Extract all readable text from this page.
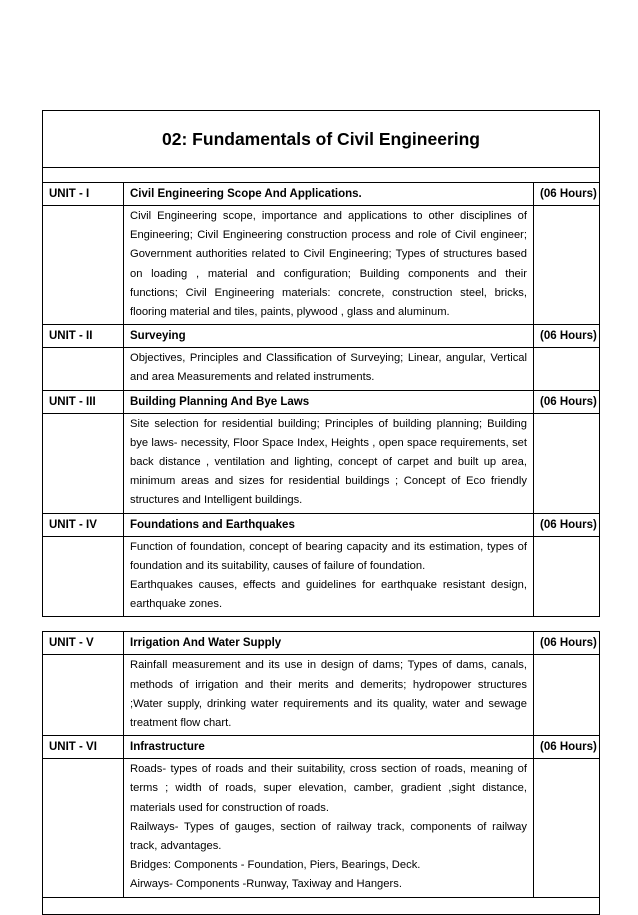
02: Fundamentals of Civil Engineering		

UNIT - I	Civil Engineering Scope And Applications.	(06 Hours)

	Civil Engineering scope, importance and applications to other disciplines of Engineering; Civil Engineering construction process and role of Civil engineer; Government authorities related to Civil Engineering; Types of structures based on loading , material and configuration; Building components and their functions; Civil Engineering materials: concrete, construction steel, bricks, flooring material and tiles, paints, plywood , glass and aluminum.	

UNIT - II	Surveying	(06 Hours)

	Objectives, Principles and Classification of Surveying; Linear, angular, Vertical and area Measurements and related instruments.	

UNIT - III	Building Planning And Bye Laws	(06 Hours)

	Site selection for residential building; Principles of building planning; Building bye laws- necessity, Floor Space Index, Heights , open space requirements, set back distance , ventilation and lighting, concept of carpet and built up area, minimum areas and sizes for residential buildings ; Concept of Eco friendly structures and Intelligent buildings.	

UNIT - IV	Foundations and Earthquakes	(06 Hours)

	Function of foundation, concept of bearing capacity and its estimation, types of foundation and its suitability, causes of failure of foundation.
Earthquakes causes, effects and guidelines for earthquake resistant design, earthquake zones.	

UNIT - V	Irrigation And Water Supply	(06 Hours)

	Rainfall measurement and its use in design of dams; Types of dams, canals, methods of irrigation and their merits and demerits; hydropower structures ;Water supply, drinking water requirements and its quality, water and sewage treatment flow chart.	

UNIT - VI	Infrastructure	(06 Hours)

	Roads- types of roads and their suitability, cross section of roads, meaning of terms ; width of roads, super elevation, camber, gradient ,sight distance, materials used for construction of roads.
Railways- Types of gauges, section of railway track, components of railway track, advantages.
Bridges: Components - Foundation, Piers, Bearings, Deck.
Airways- Components -Runway, Taxiway and Hangers.	
